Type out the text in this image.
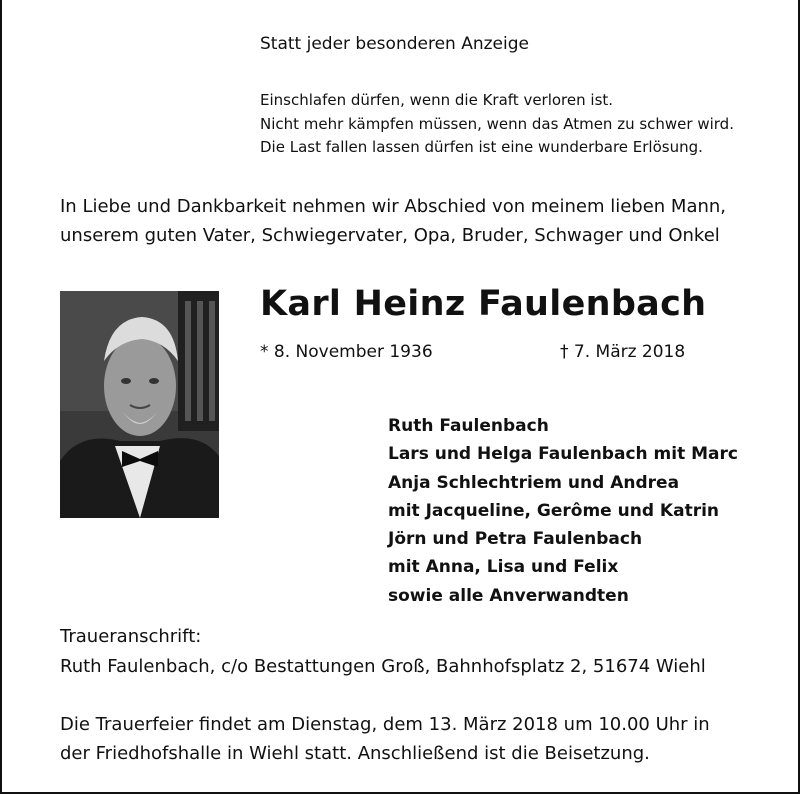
Statt jeder besonderen Anzeige
Einschlafen dürfen, wenn die Kraft verloren ist.
Nicht mehr kämpfen müssen, wenn das Atmen zu schwer wird.
Die Last fallen lassen dürfen ist eine wunderbare Erlösung.
In Liebe und Dankbarkeit nehmen wir Abschied von meinem lieben Mann,
unserem guten Vater, Schwiegervater, Opa, Bruder, Schwager und Onkel
Karl Heinz Faulenbach
* 8. November 1936	† 7. März 2018
Ruth Faulenbach
Lars und Helga Faulenbach mit Marc
Anja Schlechtriem und Andrea
mit Jacqueline, Gerôme und Katrin
Jörn und Petra Faulenbach
mit Anna, Lisa und Felix
sowie alle Anverwandten
Traueranschrift:
Ruth Faulenbach, c/o Bestattungen Groß, Bahnhofsplatz 2, 51674 Wiehl
Die Trauerfeier findet am Dienstag, dem 13. März 2018 um 10.00 Uhr in
der Friedhofshalle in Wiehl statt. Anschließend ist die Beisetzung.
